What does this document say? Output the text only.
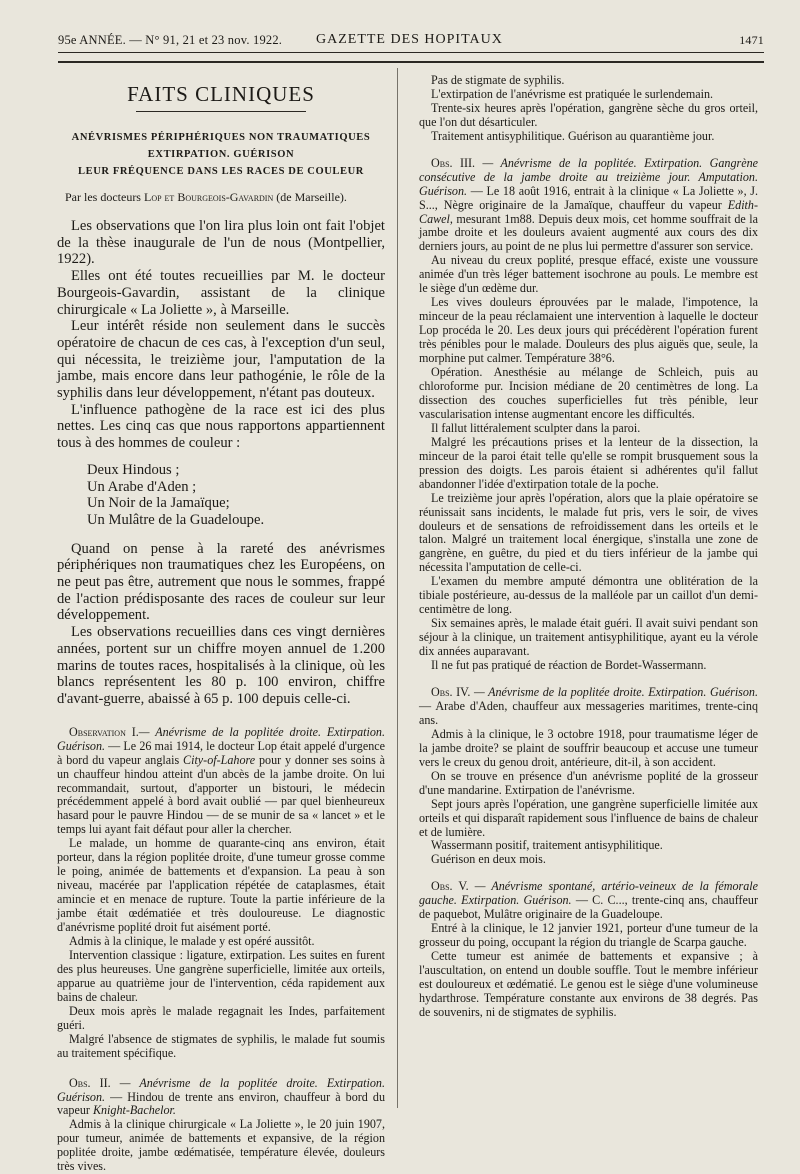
95e ANNÉE. — N° 91, 21 et 23 nov. 1922. GAZETTE DES HOPITAUX	1471
FAITS CLINIQUES
ANÉVRISMES PÉRIPHÉRIQUES NON TRAUMATIQUES
EXTIRPATION. GUÉRISON
LEUR FRÉQUENCE DANS LES RACES DE COULEUR
Par les docteurs Lop et Bourgeois-Gavardin (de Marseille).

Les observations que l'on lira plus loin ont fait l'objet de la thèse inaugurale de l'un de nous (Montpellier, 1922).

Elles ont été toutes recueillies par M. le docteur Bourgeois-Gavardin, assistant de la clinique chirurgicale « La Joliette », à Marseille.

Leur intérêt réside non seulement dans le succès opératoire de chacun de ces cas, à l'exception d'un seul, qui nécessita, le treizième jour, l'amputation de la jambe, mais encore dans leur pathogénie, le rôle de la syphilis dans leur développement, n'étant pas douteux.

L'influence pathogène de la race est ici des plus nettes. Les cinq cas que nous rapportons appartiennent tous à des hommes de couleur :

Deux Hindous ;
Un Arabe d'Aden ;
Un Noir de la Jamaïque;
Un Mulâtre de la Guadeloupe.

Quand on pense à la rareté des anévrismes périphériques non traumatiques chez les Européens, on ne peut pas être, autrement que nous le sommes, frappé de l'action prédisposante des races de couleur sur leur développement.

Les observations recueillies dans ces vingt dernières années, portent sur un chiffre moyen annuel de 1.200 marins de toutes races, hospitalisés à la clinique, où les blancs représentent les 80 p. 100 environ, chiffre d'avant-guerre, abaissé à 65 p. 100 depuis celle-ci.

Observation I.— Anévrisme de la poplitée droite. Extirpation. Guérison. — Le 26 mai 1914, le docteur Lop était appelé d'urgence à bord du vapeur anglais City-of-Lahore pour y donner ses soins à un chauffeur hindou atteint d'un abcès de la jambe droite. On lui recommandait, surtout, d'apporter un bistouri, le médecin précédemment appelé à bord avait oublié — par quel bienheureux hasard pour le pauvre Hindou — de se munir de sa « lancet » et le temps lui ayant fait défaut pour aller la chercher.

Le malade, un homme de quarante-cinq ans environ, était porteur, dans la région poplitée droite, d'une tumeur grosse comme le poing, animée de battements et d'expansion. La peau à son niveau, macérée par l'application répétée de cataplasmes, était amincie et en menace de rupture. Toute la partie inférieure de la jambe était œdématiée et très douloureuse. Le diagnostic d'anévrisme poplité droit fut aisément porté.

Admis à la clinique, le malade y est opéré aussitôt.

Intervention classique : ligature, extirpation. Les suites en furent des plus heureuses. Une gangrène superficielle, limitée aux orteils, apparue au quatrième jour de l'intervention, céda rapidement aux bains de chaleur.

Deux mois après le malade regagnait les Indes, parfaitement guéri.

Malgré l'absence de stigmates de syphilis, le malade fut soumis au traitement spécifique.

Obs. II. — Anévrisme de la poplitée droite. Extirpation. Guérison. — Hindou de trente ans environ, chauffeur à bord du vapeur Knight-Bachelor.

Admis à la clinique chirurgicale « La Joliette », le 20 juin 1907, pour tumeur, animée de battements et expansive, de la région poplitée droite, jambe œdématisée, température élevée, douleurs très vives.

Pas de stigmate de syphilis.

L'extirpation de l'anévrisme est pratiquée le surlendemain.

Trente-six heures après l'opération, gangrène sèche du gros orteil, que l'on dut désarticuler.

Traitement antisyphilitique. Guérison au quarantième jour.

Obs. III. — Anévrisme de la poplitée. Extirpation. Gangrène consécutive de la jambe droite au treizième jour. Amputation. Guérison. — Le 18 août 1916, entrait à la clinique « La Joliette », J. S..., Nègre originaire de la Jamaïque, chauffeur du vapeur Edith-Cawel, mesurant 1m88. Depuis deux mois, cet homme souffrait de la jambe droite et les douleurs avaient augmenté aux cours des dix derniers jours, au point de ne plus lui permettre d'assurer son service.

Au niveau du creux poplité, presque effacé, existe une voussure animée d'un très léger battement isochrone au pouls. Le membre est le siège d'un œdème dur.

Les vives douleurs éprouvées par le malade, l'impotence, la minceur de la peau réclamaient une intervention à laquelle le docteur Lop procéda le 20. Les deux jours qui précédèrent l'opération furent très pénibles pour le malade. Douleurs des plus aiguës que, seule, la morphine put calmer. Température 38°6.

Opération. Anesthésie au mélange de Schleich, puis au chloroforme pur. Incision médiane de 20 centimètres de long. La dissection des couches superficielles fut très pénible, leur vascularisation intense augmentant encore les difficultés.

Il fallut littéralement sculpter dans la paroi.

Malgré les précautions prises et la lenteur de la dissection, la minceur de la paroi était telle qu'elle se rompit brusquement sous la pression des doigts. Les parois étaient si adhérentes qu'il fallut abandonner l'idée d'extirpation totale de la poche.

Le treizième jour après l'opération, alors que la plaie opératoire se réunissait sans incidents, le malade fut pris, vers le soir, de vives douleurs et de sensations de refroidissement dans les orteils et le talon. Malgré un traitement local énergique, s'installa une zone de gangrène, en guêtre, du pied et du tiers inférieur de la jambe qui nécessita l'amputation de celle-ci.

L'examen du membre amputé démontra une oblitération de la tibiale postérieure, au-dessus de la malléole par un caillot d'un demi-centimètre de long.

Six semaines après, le malade était guéri. Il avait suivi pendant son séjour à la clinique, un traitement antisyphilitique, ayant eu la vérole dix années auparavant.

Il ne fut pas pratiqué de réaction de Bordet-Wassermann.

Obs. IV. — Anévrisme de la poplitée droite. Extirpation. Guérison. — Arabe d'Aden, chauffeur aux messageries maritimes, trente-cinq ans.

Admis à la clinique, le 3 octobre 1918, pour traumatisme léger de la jambe droite? se plaint de souffrir beaucoup et accuse une tumeur vers le creux du genou droit, antérieure, dit-il, à son accident.

On se trouve en présence d'un anévrisme poplité de la grosseur d'une mandarine. Extirpation de l'anévrisme.

Sept jours après l'opération, une gangrène superficielle limitée aux orteils et qui disparaît rapidement sous l'influence de bains de chaleur et de lumière.

Wassermann positif, traitement antisyphilitique.

Guérison en deux mois.

Obs. V. — Anévrisme spontané, artério-veineux de la fémorale gauche. Extirpation. Guérison. — C. C..., trente-cinq ans, chauffeur de paquebot, Mulâtre originaire de la Guadeloupe.

Entré à la clinique, le 12 janvier 1921, porteur d'une tumeur de la grosseur du poing, occupant la région du triangle de Scarpa gauche.

Cette tumeur est animée de battements et expansive ; à l'auscultation, on entend un double souffle. Tout le membre inférieur est douloureux et œdématié. Le genou est le siège d'une volumineuse hydarthrose. Température constante aux environs de 38 degrés. Pas de souvenirs, ni de stigmates de syphilis.
